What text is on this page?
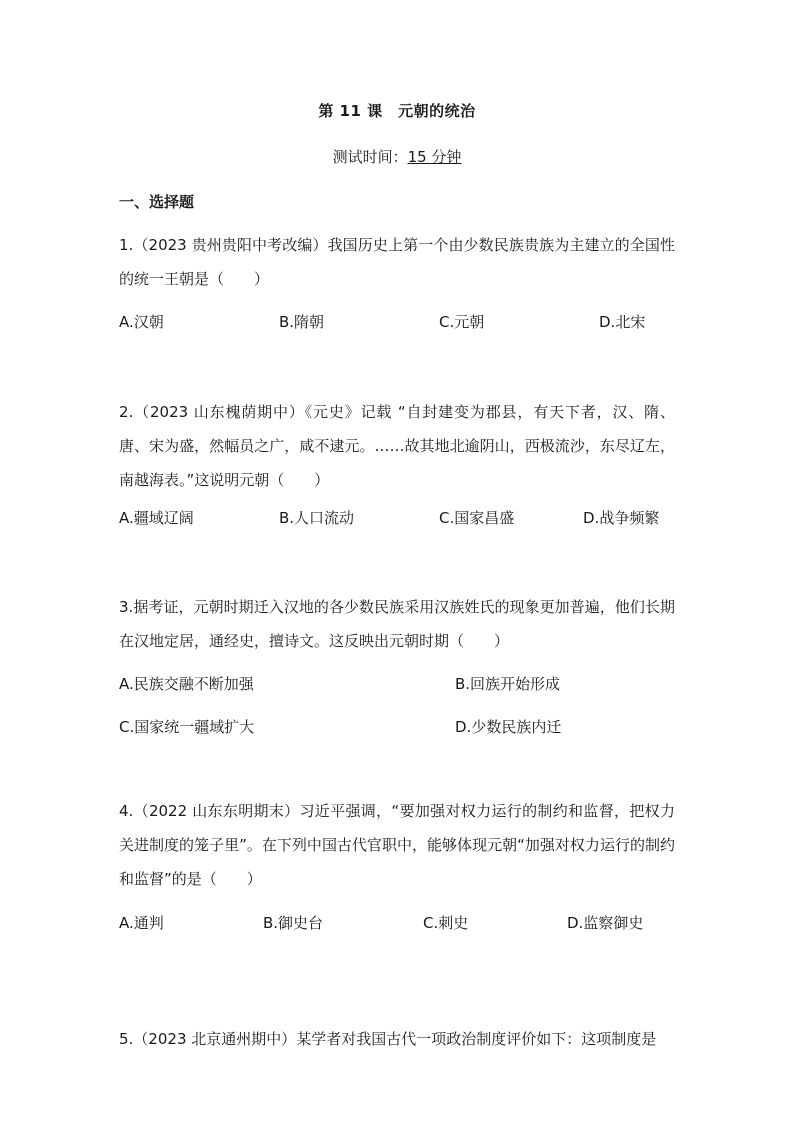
第 11 课　元朝的统治
测试时间：15 分钟
一、选择题
1.（2023 贵州贵阳中考改编）我国历史上第一个由少数民族贵族为主建立的全国性的统一王朝是（　　）
A.汉朝	B.隋朝	C.元朝	D.北宋
2.（2023 山东槐荫期中）《元史》记载 “自封建变为郡县，有天下者，汉、隋、唐、宋为盛，然幅员之广，咸不逮元。……故其地北逾阴山，西极流沙，东尽辽左，南越海表。”这说明元朝（　　）
A.疆域辽阔	B.人口流动	C.国家昌盛	D.战争频繁
3.据考证，元朝时期迁入汉地的各少数民族采用汉族姓氏的现象更加普遍，他们长期在汉地定居，通经史，擅诗文。这反映出元朝时期（　　）
A.民族交融不断加强	B.回族开始形成
C.国家统一疆域扩大	D.少数民族内迁
4.（2022 山东东明期末）习近平强调，“要加强对权力运行的制约和监督，把权力关进制度的笼子里”。在下列中国古代官职中，能够体现元朝“加强对权力运行的制约和监督”的是（　　）
A.通判	B.御史台	C.刺史	D.监察御史
5.（2023 北京通州期中）某学者对我国古代一项政治制度评价如下：这项制度是
